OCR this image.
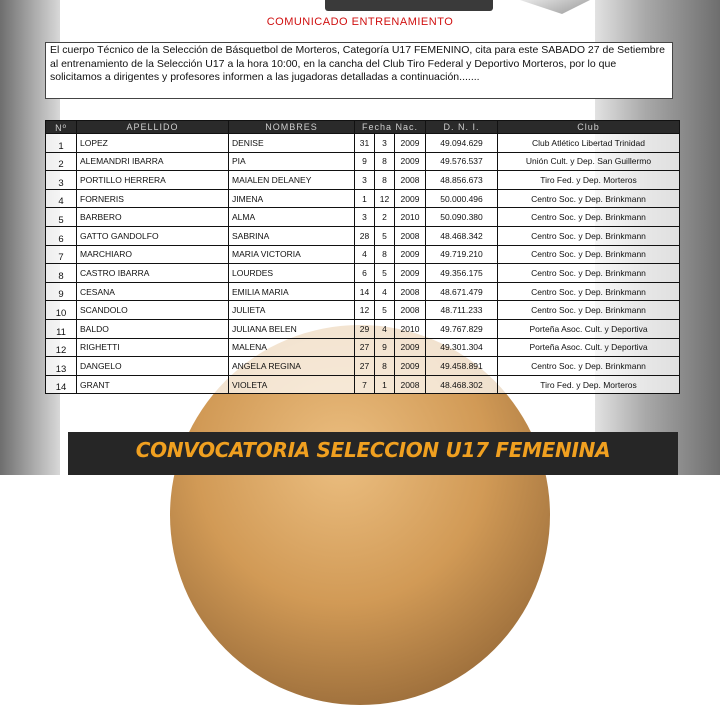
COMUNICADO ENTRENAMIENTO
El cuerpo Técnico de la Selección de Básquetbol de Morteros, Categoría U17 FEMENINO, cita para este SABADO 27 de Setiembre al entrenamiento de la Selección U17 a la hora 10:00, en la cancha del Club Tiro Federal y Deportivo Morteros, por lo que solicitamos a dirigentes y profesores informen a las jugadoras detalladas a continuación.......
Nº	APELLIDO	NOMBRES	Fecha Nac.			D. N. I.	Club
1	LOPEZ	DENISE	31	3	2009	49.094.629	Club Atlético Libertad Trinidad
2	ALEMANDRI IBARRA	PIA	9	8	2009	49.576.537	Unión Cult. y Dep. San Guillermo
3	PORTILLO HERRERA	MAIALEN DELANEY	3	8	2008	48.856.673	Tiro Fed. y Dep. Morteros
4	FORNERIS	JIMENA	1	12	2009	50.000.496	Centro Soc. y Dep. Brinkmann
5	BARBERO	ALMA	3	2	2010	50.090.380	Centro Soc. y Dep. Brinkmann
6	GATTO GANDOLFO	SABRINA	28	5	2008	48.468.342	Centro Soc. y Dep. Brinkmann
7	MARCHIARO	MARIA VICTORIA	4	8	2009	49.719.210	Centro Soc. y Dep. Brinkmann
8	CASTRO IBARRA	LOURDES	6	5	2009	49.356.175	Centro Soc. y Dep. Brinkmann
9	CESANA	EMILIA MARIA	14	4	2008	48.671.479	Centro Soc. y Dep. Brinkmann
10	SCANDOLO	JULIETA	12	5	2008	48.711.233	Centro Soc. y Dep. Brinkmann
11	BALDO	JULIANA BELEN	29	4	2010	49.767.829	Porteña Asoc. Cult. y Deportiva
12	RIGHETTI	MALENA	27	9	2009	49.301.304	Porteña Asoc. Cult. y Deportiva
13	DANGELO	ANGELA REGINA	27	8	2009	49.458.891	Centro Soc. y Dep. Brinkmann
14	GRANT	VIOLETA	7	1	2008	48.468.302	Tiro Fed. y Dep. Morteros
CONVOCATORIA SELECCION U17 FEMENINA
